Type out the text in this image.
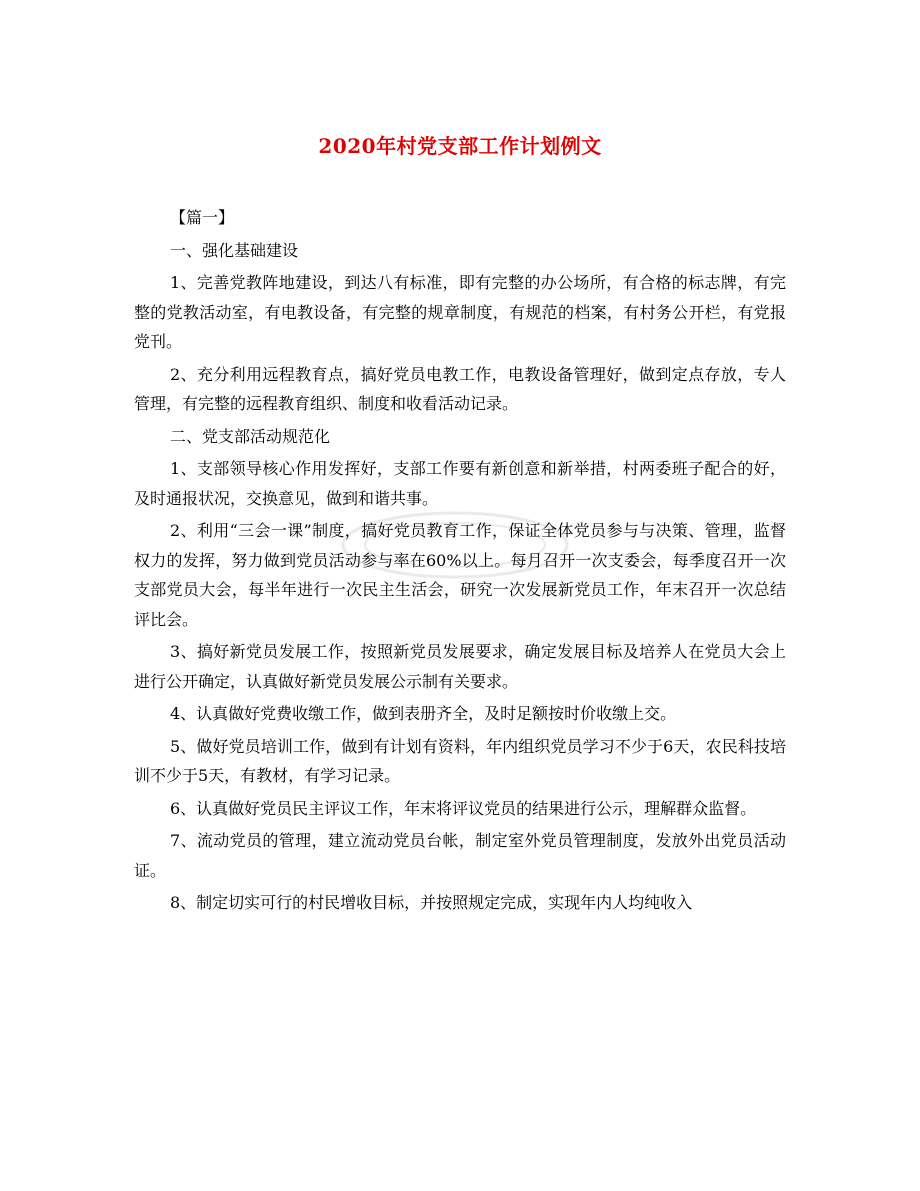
2020年村党支部工作计划例文

【篇一】

一、强化基础建设

1、完善党教阵地建设，到达八有标准，即有完整的办公场所，有合格的标志牌，有完整的党教活动室，有电教设备，有完整的规章制度，有规范的档案，有村务公开栏，有党报党刊。

2、充分利用远程教育点，搞好党员电教工作，电教设备管理好，做到定点存放，专人管理，有完整的远程教育组织、制度和收看活动记录。

二、党支部活动规范化

1、支部领导核心作用发挥好，支部工作要有新创意和新举措，村两委班子配合的好，及时通报状况，交换意见，做到和谐共事。

2、利用“三会一课”制度，搞好党员教育工作，保证全体党员参与与决策、管理，监督权力的发挥，努力做到党员活动参与率在60%以上。每月召开一次支委会，每季度召开一次支部党员大会，每半年进行一次民主生活会，研究一次发展新党员工作，年末召开一次总结评比会。

3、搞好新党员发展工作，按照新党员发展要求，确定发展目标及培养人在党员大会上进行公开确定，认真做好新党员发展公示制有关要求。

4、认真做好党费收缴工作，做到表册齐全，及时足额按时价收缴上交。

5、做好党员培训工作，做到有计划有资料，年内组织党员学习不少于6天，农民科技培训不少于5天，有教材，有学习记录。

6、认真做好党员民主评议工作，年末将评议党员的结果进行公示，理解群众监督。

7、流动党员的管理，建立流动党员台帐，制定室外党员管理制度，发放外出党员活动证。

8、制定切实可行的村民增收目标，并按照规定完成，实现年内人均纯收入
